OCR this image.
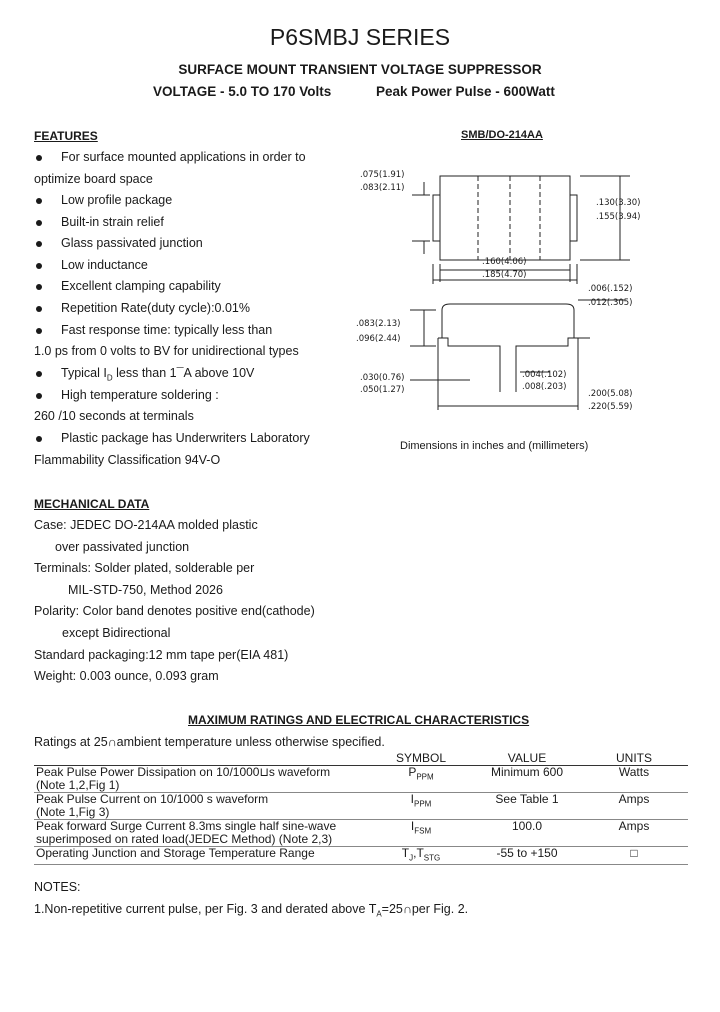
P6SMBJ SERIES
SURFACE MOUNT TRANSIENT VOLTAGE SUPPRESSOR
VOLTAGE - 5.0 TO 170 Volts	Peak Power Pulse - 600Watt
FEATURES
For surface mounted applications in order to
optimize board space
Low profile package
Built-in strain relief
Glass passivated junction
Low inductance
Excellent clamping capability
Repetition Rate(duty cycle):0.01%
Fast response time: typically less than
1.0 ps from 0 volts to BV for unidirectional types
Typical $I_D$ less than 1¯A above 10V
High temperature soldering :
260 /10 seconds at terminals
Plastic package has Underwriters Laboratory
Flammability Classification 94V-O
SMB/DO-214AA
.075(1.91)
.083(2.11)
.130(3.30)
.155(3.94)
.160(4.06)
.185(4.70)
.006(.152)
.012(.305)
.083(2.13)
.096(2.44)
.030(0.76)
.050(1.27)
.004(.102)
.008(.203)
.200(5.08)
.220(5.59)
Dimensions in inches and (millimeters)
MECHANICAL DATA
Case: JEDEC DO-214AA molded plastic
over passivated junction
Terminals: Solder plated, solderable per
MIL-STD-750, Method 2026
Polarity: Color band denotes positive end(cathode)
except Bidirectional
Standard packaging:12 mm tape per(EIA 481)
Weight: 0.003 ounce, 0.093 gram
MAXIMUM RATINGS AND ELECTRICAL CHARACTERISTICS
Ratings at 25∩ambient temperature unless otherwise specified.
	SYMBOL	VALUE	UNITS

Peak Pulse Power Dissipation on 10/1000⊔s waveform
(Note 1,2,Fig 1)	$P_{PPM}$	Minimum 600	Watts

Peak Pulse Current on 10/1000 s waveform
(Note 1,Fig 3)	$I_{PPM}$	See Table 1	Amps

Peak forward Surge Current 8.3ms single half sine-wave
superimposed on rated load(JEDEC Method) (Note 2,3)	$I_{FSM}$	100.0	Amps

Operating Junction and Storage Temperature Range	$T_J,T_{STG}$	-55 to +150	□
NOTES:
1.Non-repetitive current pulse, per Fig. 3 and derated above $T_A=25\cap per$ Fig. 2.
